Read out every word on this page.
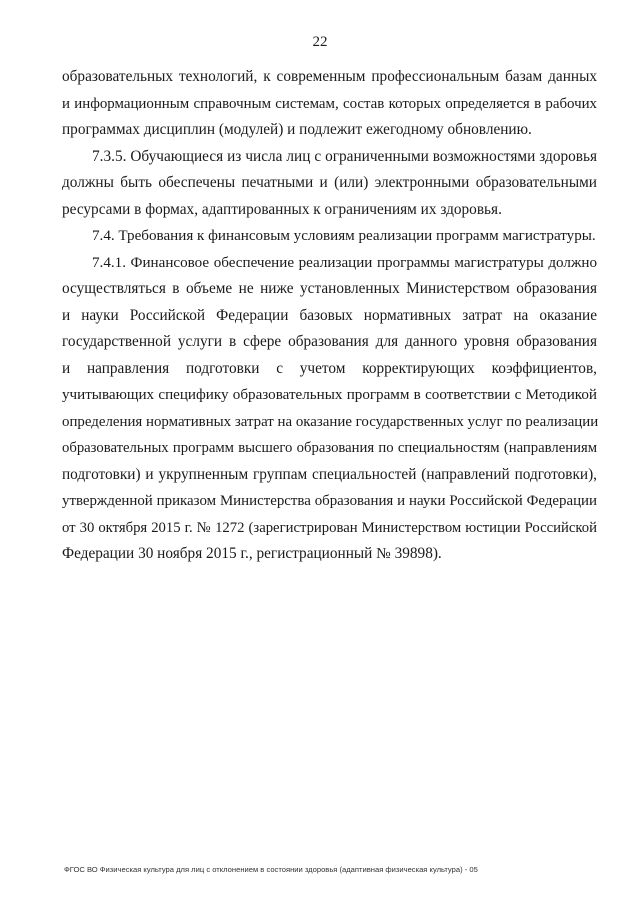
22
образовательных технологий, к современным профессиональным базам данных
и информационным справочным системам, состав которых определяется в рабочих
программах дисциплин (модулей) и подлежит ежегодному обновлению.
7.3.5. Обучающиеся из числа лиц с ограниченными возможностями здоровья
должны быть обеспечены печатными и (или) электронными образовательными
ресурсами в формах, адаптированных к ограничениям их здоровья.
7.4. Требования к финансовым условиям реализации программ магистратуры.
7.4.1. Финансовое обеспечение реализации программы магистратуры должно
осуществляться в объеме не ниже установленных Министерством образования
и науки Российской Федерации базовых нормативных затрат на оказание
государственной услуги в сфере образования для данного уровня образования
и направления подготовки с учетом корректирующих коэффициентов,
учитывающих специфику образовательных программ в соответствии с Методикой
определения нормативных затрат на оказание государственных услуг по реализации
образовательных программ высшего образования по специальностям (направлениям
подготовки) и укрупненным группам специальностей (направлений подготовки),
утвержденной приказом Министерства образования и науки Российской Федерации
от 30 октября 2015 г. № 1272 (зарегистрирован Министерством юстиции Российской
Федерации 30 ноября 2015 г., регистрационный № 39898).
ФГОС ВО Физическая культура для лиц с отклонением в состоянии здоровья (адаптивная физическая культура) - 05
